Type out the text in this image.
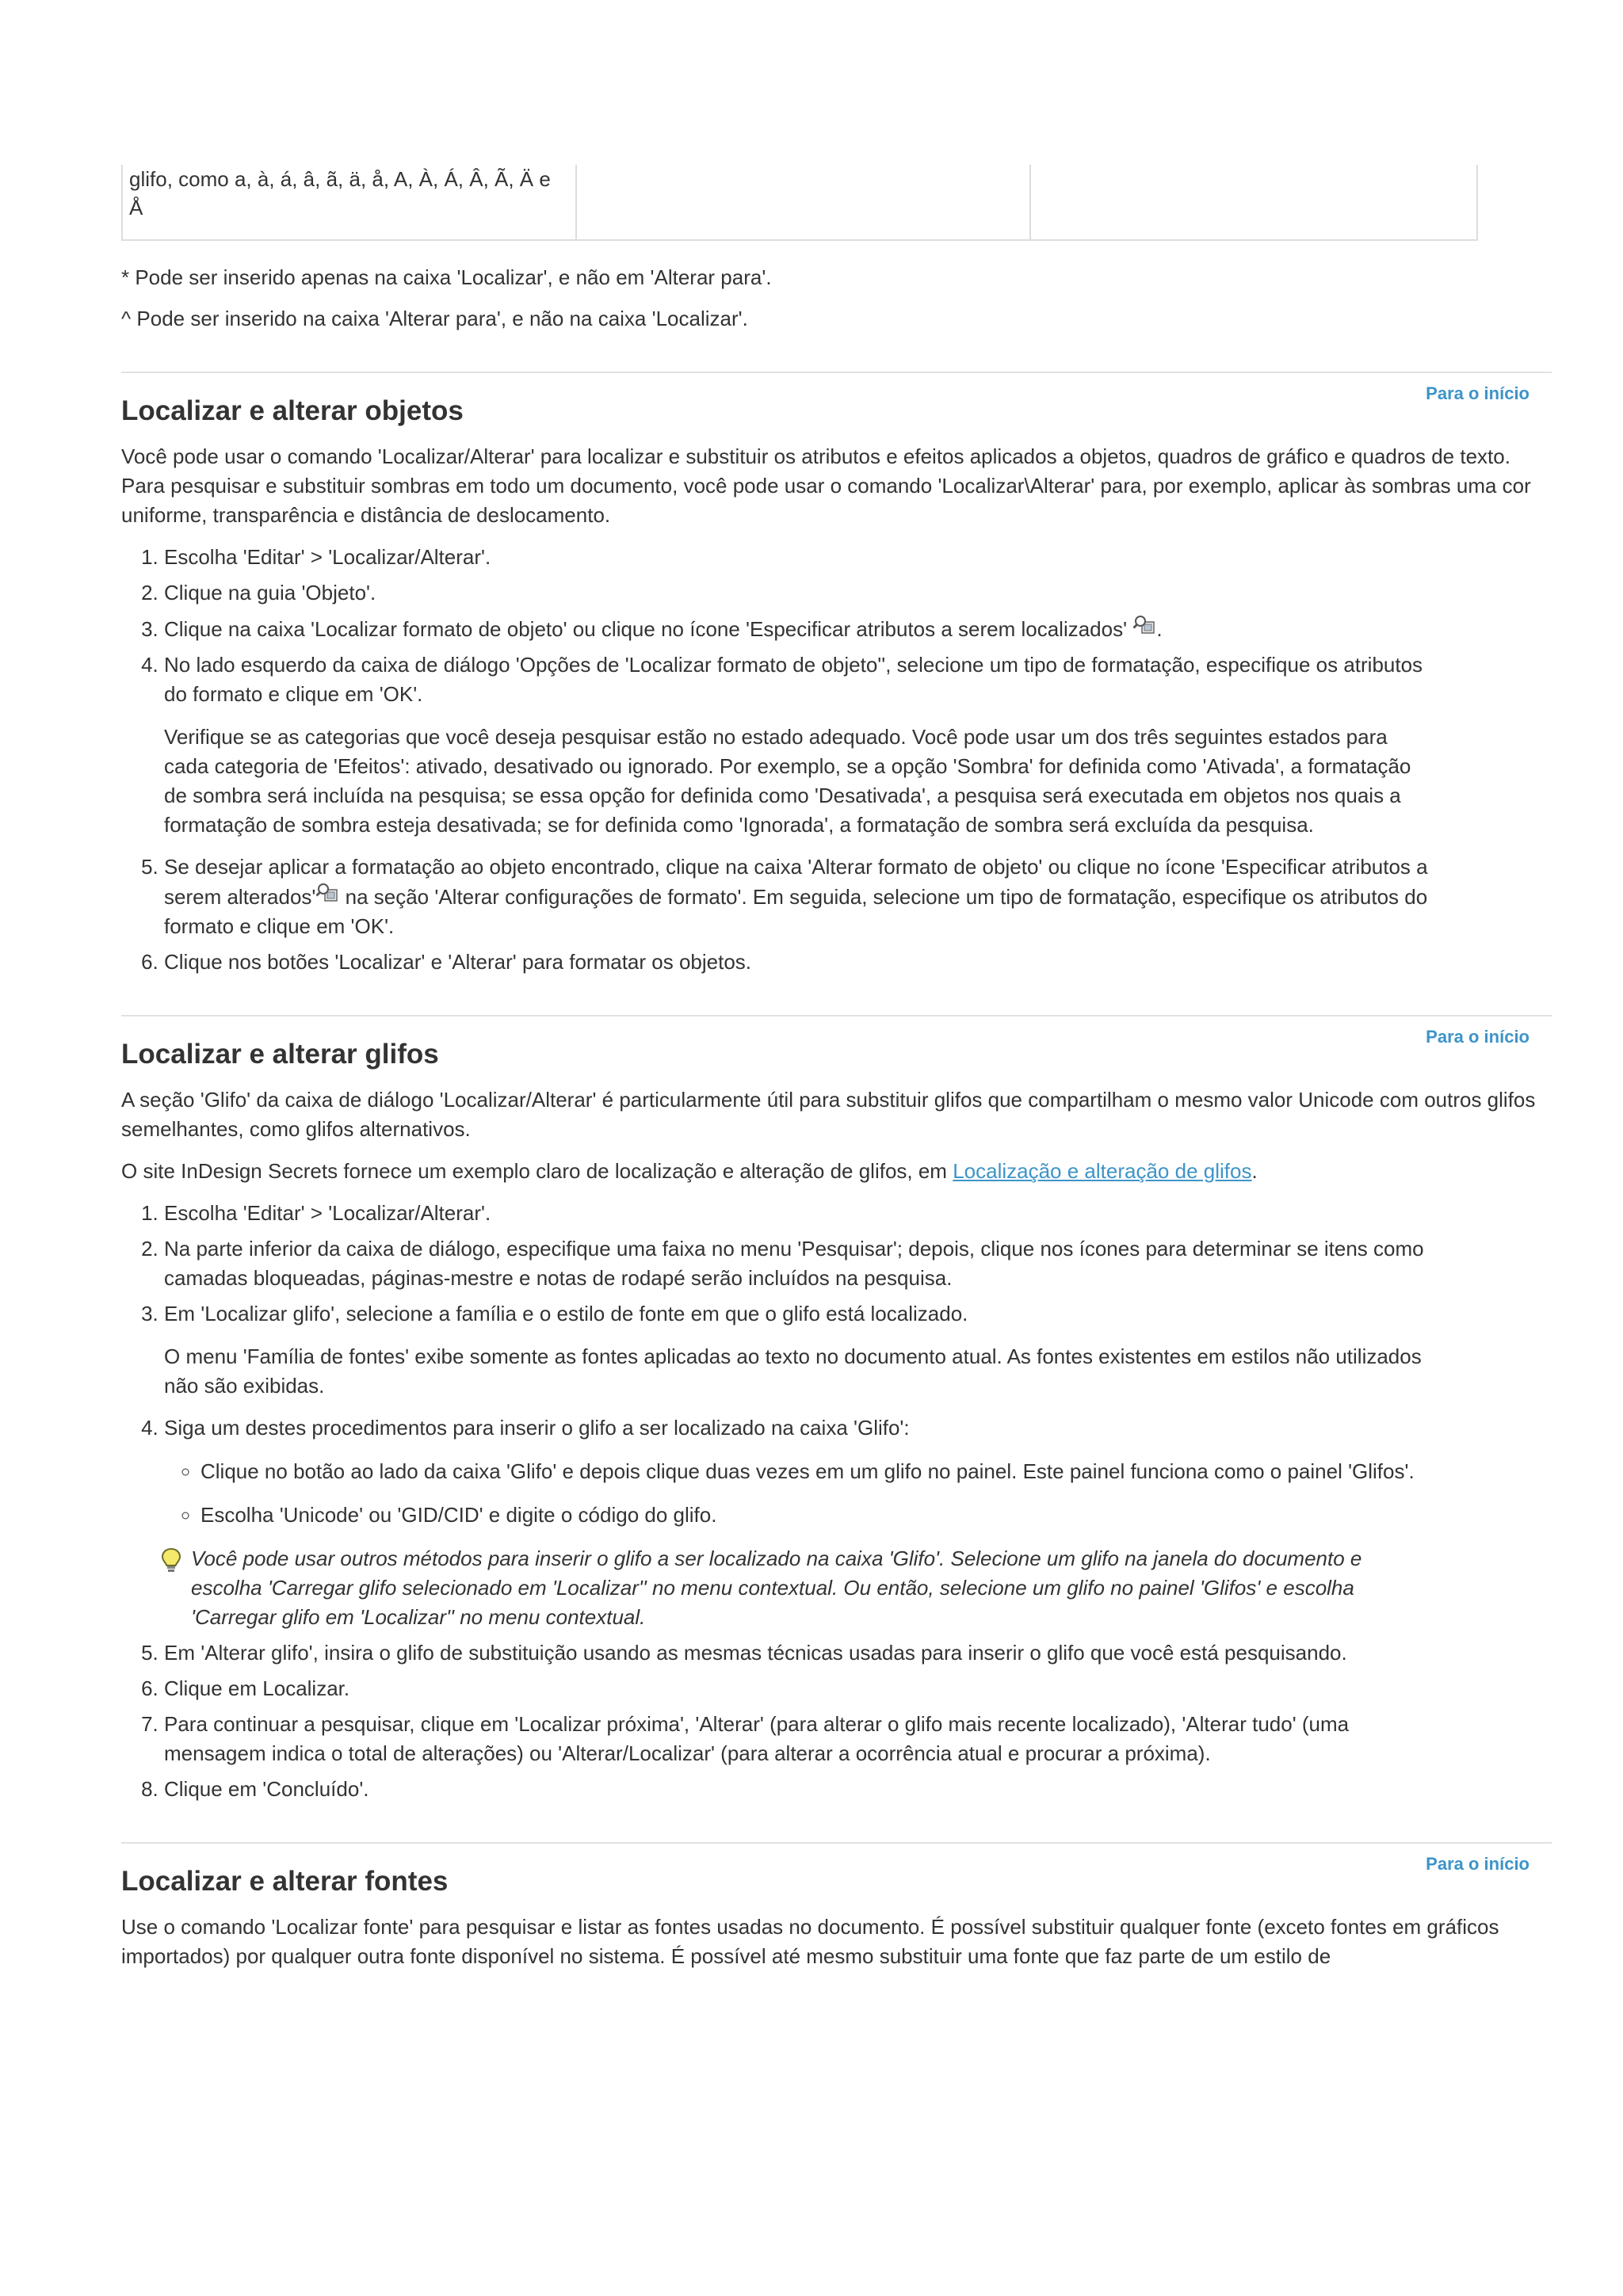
glifo, como a, à, á, â, ã, ä, å, A, À, Á, Â, Ã, Ä e Å		

* Pode ser inserido apenas na caixa 'Localizar', e não em 'Alterar para'.

^ Pode ser inserido na caixa 'Alterar para', e não na caixa 'Localizar'.

Para o início
Localizar e alterar objetos

Você pode usar o comando 'Localizar/Alterar' para localizar e substituir os atributos e efeitos aplicados a objetos, quadros de gráfico e quadros de texto. Para pesquisar e substituir sombras em todo um documento, você pode usar o comando 'Localizar\Alterar' para, por exemplo, aplicar às sombras uma cor uniforme, transparência e distância de deslocamento.

1. Escolha 'Editar' > 'Localizar/Alterar'.
2. Clique na guia 'Objeto'.
3. Clique na caixa 'Localizar formato de objeto' ou clique no ícone 'Especificar atributos a serem localizados' .
4. No lado esquerdo da caixa de diálogo 'Opções de 'Localizar formato de objeto'', selecione um tipo de formatação, especifique os atributos do formato e clique em 'OK'.

Verifique se as categorias que você deseja pesquisar estão no estado adequado. Você pode usar um dos três seguintes estados para cada categoria de 'Efeitos': ativado, desativado ou ignorado. Por exemplo, se a opção 'Sombra' for definida como 'Ativada', a formatação de sombra será incluída na pesquisa; se essa opção for definida como 'Desativada', a pesquisa será executada em objetos nos quais a formatação de sombra esteja desativada; se for definida como 'Ignorada', a formatação de sombra será excluída da pesquisa.

5. Se desejar aplicar a formatação ao objeto encontrado, clique na caixa 'Alterar formato de objeto' ou clique no ícone 'Especificar atributos a serem alterados' na seção 'Alterar configurações de formato'. Em seguida, selecione um tipo de formatação, especifique os atributos do formato e clique em 'OK'.
6. Clique nos botões 'Localizar' e 'Alterar' para formatar os objetos.
Para o início
Localizar e alterar glifos

A seção 'Glifo' da caixa de diálogo 'Localizar/Alterar' é particularmente útil para substituir glifos que compartilham o mesmo valor Unicode com outros glifos semelhantes, como glifos alternativos.

O site InDesign Secrets fornece um exemplo claro de localização e alteração de glifos, em Localização e alteração de glifos.

1. Escolha 'Editar' > 'Localizar/Alterar'.
2. Na parte inferior da caixa de diálogo, especifique uma faixa no menu 'Pesquisar'; depois, clique nos ícones para determinar se itens como camadas bloqueadas, páginas-mestre e notas de rodapé serão incluídos na pesquisa.
3. Em 'Localizar glifo', selecione a família e o estilo de fonte em que o glifo está localizado.

O menu 'Família de fontes' exibe somente as fontes aplicadas ao texto no documento atual. As fontes existentes em estilos não utilizados não são exibidas.

4. Siga um destes procedimentos para inserir o glifo a ser localizado na caixa 'Glifo':
◦ Clique no botão ao lado da caixa 'Glifo' e depois clique duas vezes em um glifo no painel. Este painel funciona como o painel 'Glifos'.
◦ Escolha 'Unicode' ou 'GID/CID' e digite o código do glifo.
Você pode usar outros métodos para inserir o glifo a ser localizado na caixa 'Glifo'. Selecione um glifo na janela do documento e escolha 'Carregar glifo selecionado em 'Localizar'' no menu contextual. Ou então, selecione um glifo no painel 'Glifos' e escolha 'Carregar glifo em 'Localizar'' no menu contextual.
5. Em 'Alterar glifo', insira o glifo de substituição usando as mesmas técnicas usadas para inserir o glifo que você está pesquisando.
6. Clique em Localizar.
7. Para continuar a pesquisar, clique em 'Localizar próxima', 'Alterar' (para alterar o glifo mais recente localizado), 'Alterar tudo' (uma mensagem indica o total de alterações) ou 'Alterar/Localizar' (para alterar a ocorrência atual e procurar a próxima).
8. Clique em 'Concluído'.
Para o início
Localizar e alterar fontes

Use o comando 'Localizar fonte' para pesquisar e listar as fontes usadas no documento. É possível substituir qualquer fonte (exceto fontes em gráficos importados) por qualquer outra fonte disponível no sistema. É possível até mesmo substituir uma fonte que faz parte de um estilo de
